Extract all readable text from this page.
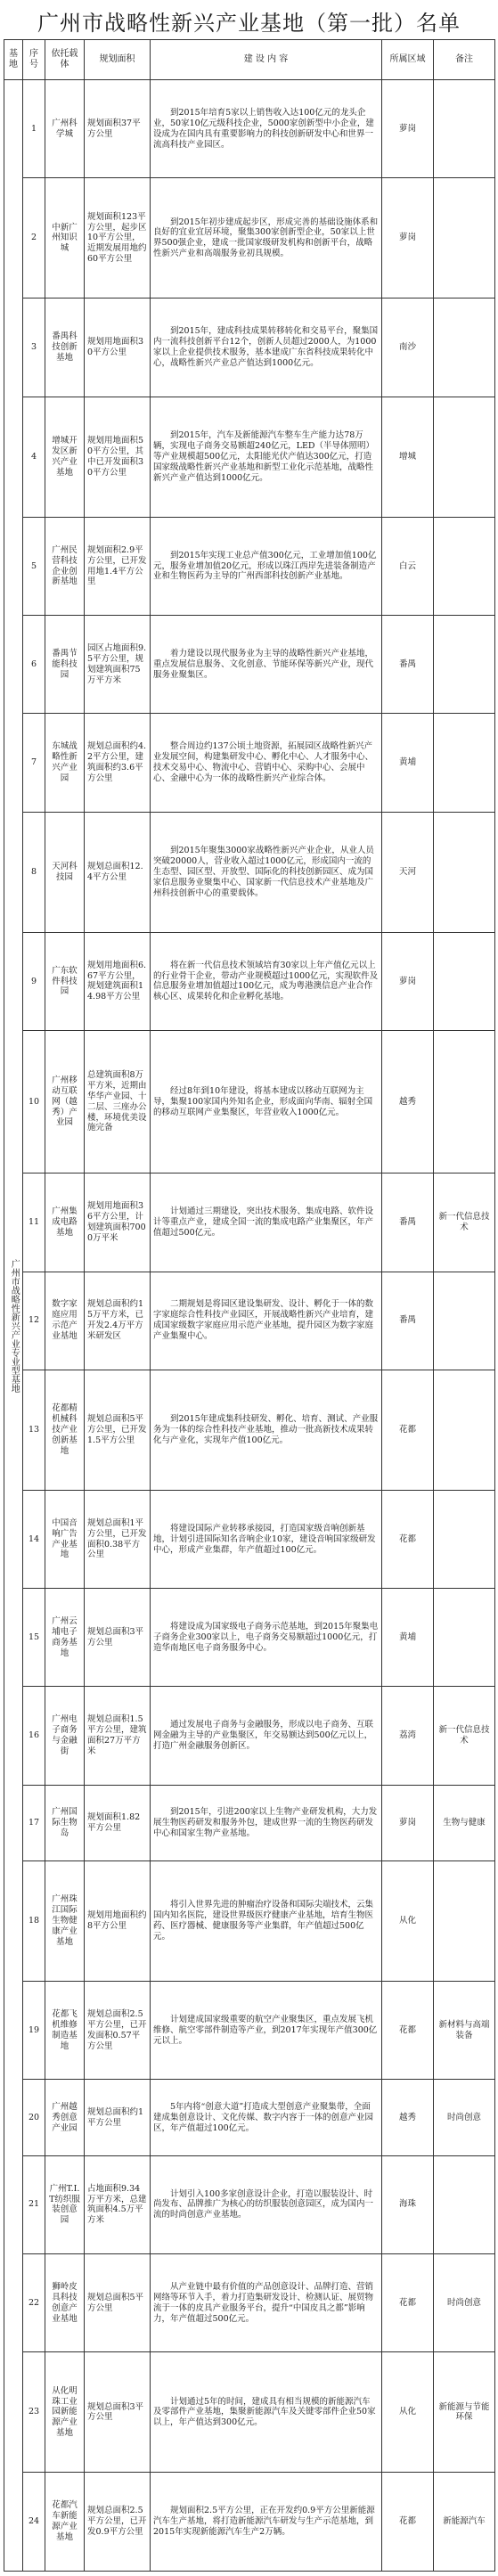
广州市战略性新兴产业基地（第一批）名单
基地	序号	依托载体	规划面积	建 设 内 容	所属区域	备注
广州市战略性新兴产业专业型基地	1	广州科学城	规划面积37平方公里	到2015年培育5家以上销售收入达100亿元的龙头企业，50家10亿元级科技企业，5000家创新型中小企业，建设成为在国内具有重要影响力的科技创新研发中心和世界一流高科技产业园区。	萝岗	
	2	中新广州知识城	规划面积123平方公里，起步区10平方公里，近期发展用地约60平方公里	到2015年初步建成起步区，形成完善的基础设施体系和良好的宜业宜居环境，聚集300家创新型企业，50家以上世界500强企业，建成一批国家级研发机构和创新平台，战略性新兴产业和高端服务业初具规模。	萝岗	
	3	番禺科技创新基地	规划用地面积30平方公里	到2015年，建成科技成果转移转化和交易平台，聚集国内一流科技创新平台12个，创新人员超过2000人，为1000家以上企业提供技术服务，基本建成广东省科技成果转化中心，战略性新兴产业总产值达到1000亿元。	南沙	
	4	增城开发区新兴产业基地	规划用地面积50平方公里，其中已开发面积30平方公里	到2015年，汽车及新能源汽车整车生产能力达78万辆，实现电子商务交易额超240亿元，LED（半导体照明）等产业规模超500亿元，太阳能光伏产值达300亿元，打造国家级战略性新兴产业基地和新型工业化示范基地，战略性新兴产业产值达到1000亿元。	增城	
	5	广州民营科技企业创新基地	规划面积2.9平方公里，已开发用地1.4平方公里	到2015年实现工业总产值300亿元，工业增加值100亿元，服务业增加值20亿元，形成以珠江西岸先进装备制造产业和生物医药为主导的广州西部科技创新产业基地。	白云	
	6	番禺节能科技园	园区占地面积9.5平方公里，规划建筑面积75万平方米	着力建设以现代服务业为主导的战略性新兴产业基地，重点发展信息服务、文化创意、节能环保等新兴产业，现代服务业聚集区。	番禺	
	7	东城战略性新兴产业园	规划总面积约4.2平方公里，建筑面积约3.6平方公里	整合周边约137公顷土地资源，拓展园区战略性新兴产业发展空间，构建集研发中心、孵化中心、人才服务中心、技术交易中心、物流中心、营销中心、采购中心、会展中心、金融中心为一体的战略性新兴产业综合体。	黄埔	
	8	天河科技园	规划总面积12.4平方公里	到2015年聚集3000家战略性新兴产业企业，从业人员突破20000人，营业收入超过1000亿元，形成国内一流的生态型、园区型、开放型、国际化的科技创新园区、成为国家信息服务业聚集中心、国家新一代信息技术产业基地及广州科技创新中心的重要载体。	天河	
	9	广东软件科技园	规划用地面积6.67平方公里，规划建筑面积14.98平方公里	将在新一代信息技术领域培育30家以上年产值亿元以上的行业骨干企业，带动产业规模超过1000亿元，实现软件及信息服务业增加值超过100亿元，成为粤港澳信息产业合作核心区、成果转化和企业孵化基地。	萝岗	
	10	广州移动互联网（越秀）产业园	总建筑面积8万平方米，近期由华华产业园、十二层、三座办公楼，环境优美设施完备	经过8年到10年建设，将基本建成以移动互联网为主导，集聚100家国内外知名企业，形成面向华南、辐射全国的移动互联网产业集聚区，年营业收入1000亿元。	越秀	
	11	广州集成电路基地	规划用地面积36平方公里，计划建筑面积7000万平米	计划通过三期建设，突出技术服务、集成电路、软件设计等重点产业，建成全国一流的集成电路产业集聚区，年产值超过500亿元。	番禺	新一代信息技术
	12	数字家庭应用示范产业基地	规划总面积约15万平方米，已开发2.4万平方米研发区	二期规划是将园区建设集研发、设计、孵化于一体的数字家庭综合性科技产业园区，开展战略性新兴产业培育，建成国家级数字家庭应用示范产业基地，提升园区为数字家庭产业集聚中心。	番禺	
	13	花都精机械科技产业创新基地	规划总面积5平方公里，已开发1.5平方公里	到2015年建成集科技研发、孵化、培育、测试、产业服务为一体的综合性科技产业基地，推动一批高新技术成果转化与产业化，实现年产值100亿元。	花都	
	14	中国音响广告产业基地	规划总面积1平方公里，已开发面积0.38平方公里	将建设国际产业转移承接园，打造国家级音响创新基地，计划引进国际知名音响企业10家，建设音响国家级研发中心，形成产业集群，年产值超过100亿元。	花都	
	15	广州云埔电子商务基地	规划总面积3平方公里	将建设成为国家级电子商务示范基地，到2015年聚集电子商务企业300家以上，电子商务交易额超过1000亿元，打造华南地区电子商务服务中心。	黄埔	
	16	广州电子商务与金融街	规划总面积1.5平方公里，建筑面积27万平方米	通过发展电子商务与金融服务，形成以电子商务、互联网金融为主导的产业集聚区，年交易额达到500亿元以上，打造广州金融服务创新区。	荔湾	新一代信息技术
	17	广州国际生物岛	规划面积1.82平方公里	到2015年，引进200家以上生物产业研发机构，大力发展生物医药研发和服务外包，建成世界一流的生物医药研发中心和国家生物产业基地。	萝岗	生物与健康
	18	广州珠江国际生物健康产业基地	规划用地面积约8平方公里	将引入世界先进的肿瘤治疗设备和国际尖端技术，云集国内知名医院，建设世界级医疗健康产业基地，培育生物医药、医疗器械、健康服务等产业集群，年产值超过500亿元。	从化	
	19	花都飞机维修制造基地	规划总面积2.5平方公里，已开发面积0.57平方公里	计划建成国家级重要的航空产业聚集区，重点发展飞机维修、航空零部件制造等产业，到2017年实现年产值300亿元以上。	花都	新材料与高端装备
	20	广州越秀创意产业园	规划总面积约1平方公里	5年内将“创意大道”打造成大型创意产业聚集带，全面建成集创意设计、文化传媒、数字内容于一体的创意产业园区，年产值超过100亿元。	越秀	时尚创意
	21	广州T.I.T纺织服装创意园	占地面积9.34万平方米，总建筑面积4.5万平方米	计划引入100多家创意设计企业，打造以服装设计、时尚发布、品牌推广为核心的纺织服装创意园区，成为国内一流的时尚创意产业基地。	海珠	
	22	狮岭皮具科技创意产业基地	规划总面积5平方公里	从产业链中最有价值的产品创意设计、品牌打造、营销网络等环节入手，着力打造集研发设计、检测认证、展贸物流于一体的皮具产业服务平台，提升“中国皮具之都”影响力，年产值超过500亿元。	花都	时尚创意
	23	从化明珠工业园新能源产业基地	规划总面积3平方公里	计划通过5年的时间，建成具有相当规模的新能源汽车及零部件产业基地，集聚新能源汽车及关键零部件企业50家以上，年产值达到300亿元。	从化	新能源与节能环保
	24	花都汽车新能源产业基地	规划总面积2.5平方公里，已开发0.9平方公里	规划面积2.5平方公里，正在开发约0.9平方公里新能源汽车生产基地，将打造新能源汽车研发与生产示范基地，到2015年实现新能源汽车生产2万辆。	花都	新能源汽车
